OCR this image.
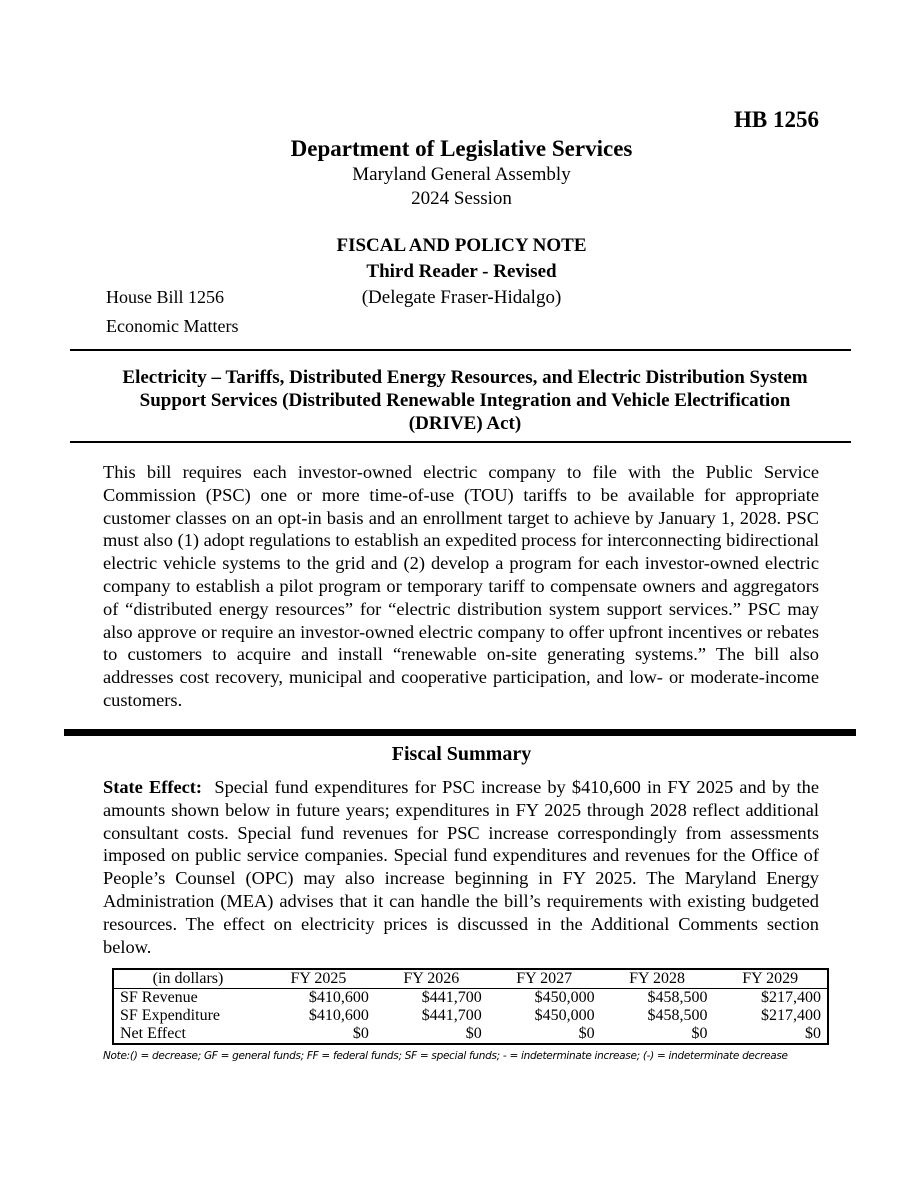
HB 1256
Department of Legislative Services
Maryland General Assembly
2024 Session
FISCAL AND POLICY NOTE
Third Reader - Revised
(Delegate Fraser-Hidalgo)
House Bill 1256
Economic Matters
Electricity – Tariffs, Distributed Energy Resources, and Electric Distribution System Support Services (Distributed Renewable Integration and Vehicle Electrification (DRIVE) Act)
This bill requires each investor-owned electric company to file with the Public Service Commission (PSC) one or more time-of-use (TOU) tariffs to be available for appropriate customer classes on an opt-in basis and an enrollment target to achieve by January 1, 2028. PSC must also (1) adopt regulations to establish an expedited process for interconnecting bidirectional electric vehicle systems to the grid and (2) develop a program for each investor-owned electric company to establish a pilot program or temporary tariff to compensate owners and aggregators of “distributed energy resources” for “electric distribution system support services.” PSC may also approve or require an investor-owned electric company to offer upfront incentives or rebates to customers to acquire and install “renewable on-site generating systems.” The bill also addresses cost recovery, municipal and cooperative participation, and low- or moderate-income customers.
Fiscal Summary
State Effect: Special fund expenditures for PSC increase by $410,600 in FY 2025 and by the amounts shown below in future years; expenditures in FY 2025 through 2028 reflect additional consultant costs. Special fund revenues for PSC increase correspondingly from assessments imposed on public service companies. Special fund expenditures and revenues for the Office of People’s Counsel (OPC) may also increase beginning in FY 2025. The Maryland Energy Administration (MEA) advises that it can handle the bill’s requirements with existing budgeted resources. The effect on electricity prices is discussed in the Additional Comments section below.
(in dollars)	FY 2025	FY 2026	FY 2027	FY 2028	FY 2029
SF Revenue	$410,600	$441,700	$450,000	$458,500	$217,400
SF Expenditure	$410,600	$441,700	$450,000	$458,500	$217,400
Net Effect	$0	$0	$0	$0	$0
Note:() = decrease; GF = general funds; FF = federal funds; SF = special funds; - = indeterminate increase; (-) = indeterminate decrease
